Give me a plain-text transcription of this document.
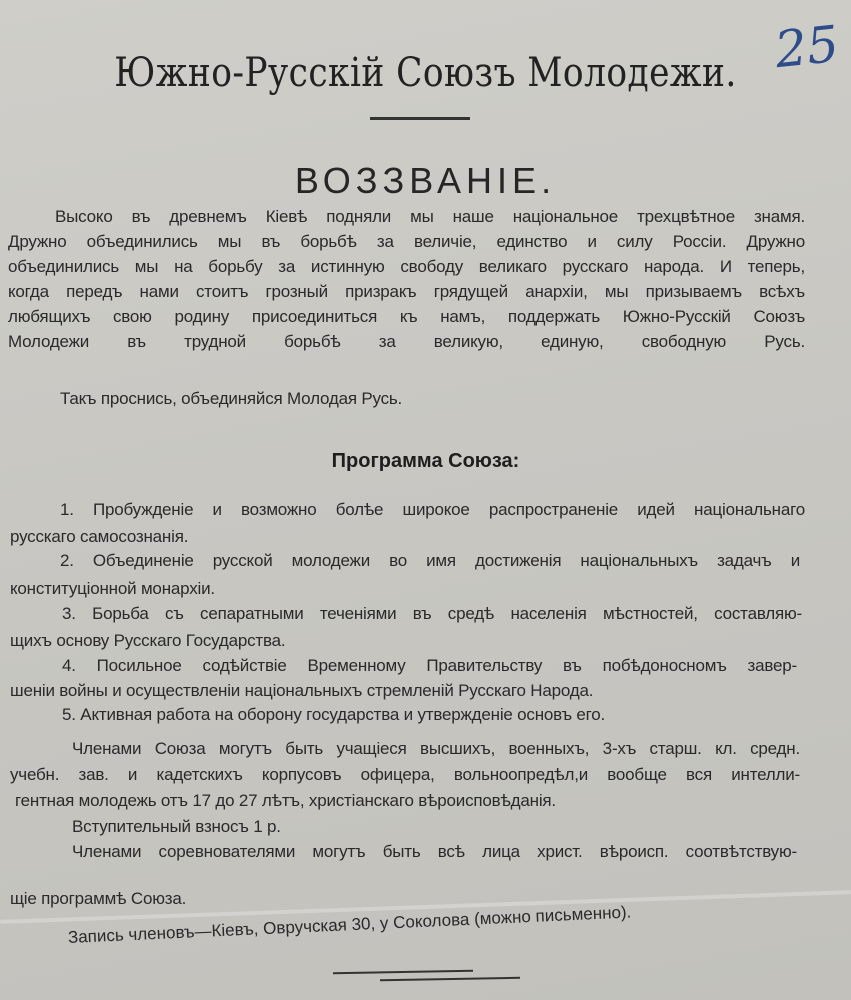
Южно-Русскій Союзъ Молодежи. 25
ВОЗЗВАНІЕ.
Высоко въ древнемъ Кіевѣ подняли мы наше національное трехцвѣтное знамя.
Дружно объединились мы въ борьбѣ за величіе, единство и силу Россіи. Дружно
объединились мы на борьбу за истинную свободу великаго русскаго народа. И теперь,
когда передъ нами стоитъ грозный призракъ грядущей анархіи, мы призываемъ всѣхъ
любящихъ свою родину присоединиться къ намъ, поддержать Южно-Русскій Союзъ
Молодежи въ трудной борьбѣ за великую, единую, свободную Русь.
Такъ проснись, объединяйся Молодая Русь.
Программа Союза:
1. Пробужденіе и возможно болѣе широкое распространеніе идей національнаго
русскаго самосознанія.
2. Объединеніе русской молодежи во имя достиженія національныхъ задачъ и
конституціонной монархіи.
3. Борьба съ сепаратными теченіями въ средѣ населенія мѣстностей, составляю-
щихъ основу Русскаго Государства.
4. Посильное содѣйствіе Временному Правительству въ побѣдоносномъ завер-
шеніи войны и осуществленіи національныхъ стремленій Русскаго Народа.
5. Активная работа на оборону государства и утвержденіе основъ его.
Членами Союза могутъ быть учащіеся высшихъ, военныхъ, 3-хъ старш. кл. средн.
учебн. зав. и кадетскихъ корпусовъ офицера, вольноопредѣл,и вообще вся интелли-
гентная молодежь отъ 17 до 27 лѣтъ, христіанскаго вѣроисповѣданія.
Вступительный взносъ 1 р.
Членами соревнователями могутъ быть всѣ лица христ. вѣроисп. соотвѣтствую-
щіе программѣ Союза.
Запись членовъ—Кіевъ, Овручская 30, у Соколова (можно письменно).
